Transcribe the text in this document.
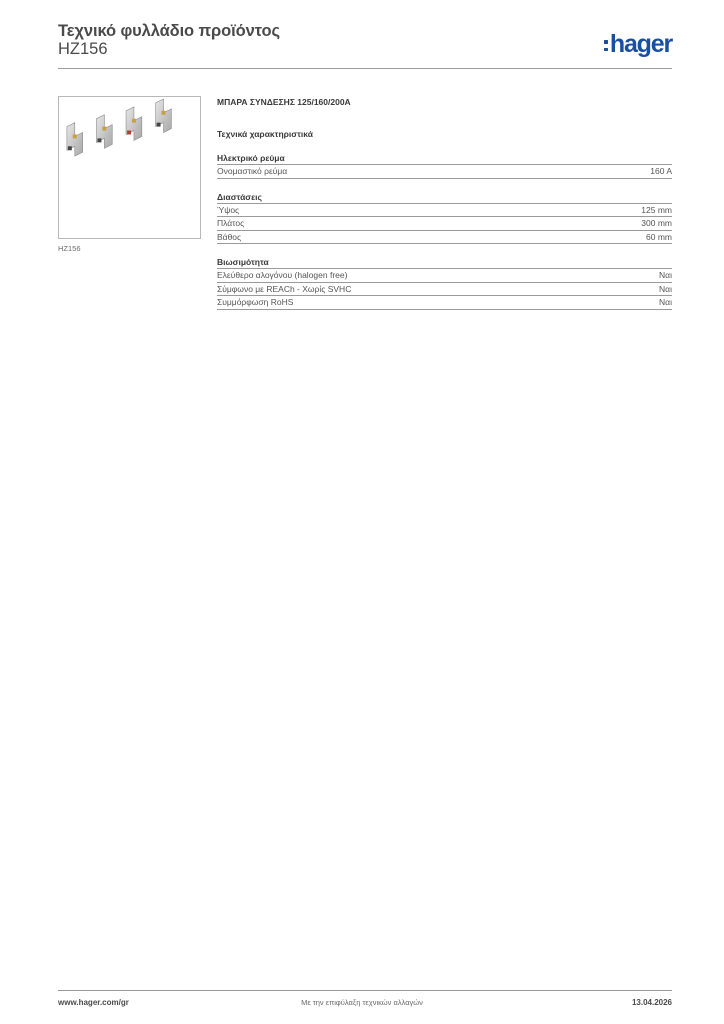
Τεχνικό φυλλάδιο προϊόντος
HZ156	hager
HZ156
ΜΠΑΡΑ ΣΥΝΔΕΣΗΣ 125/160/200A
Τεχνικά χαρακτηριστικά
Ηλεκτρικό ρεύμα
Ονομαστικό ρεύμα	160 A
Διαστάσεις
Ύψος	125 mm
Πλάτος	300 mm
Βάθος	60 mm
Βιωσιμότητα
Ελεύθερο αλογόνου (halogen free)	Ναι
Σύμφωνο με REACh - Χωρίς SVHC	Ναι
Συμμόρφωση RoHS	Ναι
www.hager.com/gr	Με την επιφύλαξη τεχνικών αλλαγών	13.04.2026
